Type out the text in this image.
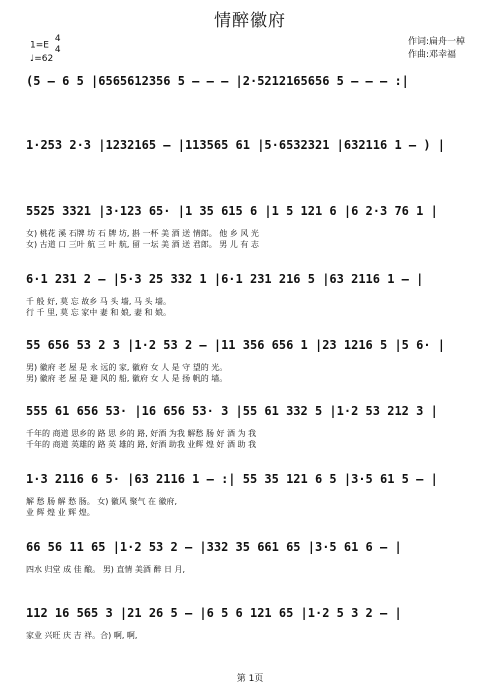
情醉徽府
1=E
4
4
♩=62
作词:扁舟一棹
作曲:邓幸福
(5 — 6 5 |6565612356 5 — — — |2·5212165656 5 — — — :|
1·253 2·3 |1232165 — |113565 61 |5·6532321 |632116 1 — ) |
5525 3321 |3·123 65· |1 35 615 6 |1 5 121 6 |6 2·3 76 1 |
女) 桃花 溪 石牌 坊 石 牌 坊, 斟 一杯 美 酒 送 情郎。 他 乡 风 光
女) 古道 口 三叶 航 三 叶 航, 留 一坛 美 酒 送 君郎。 男 儿 有 志
6·1 231 2 — |5·3 25 332 1 |6·1 231 216 5 |63 2116 1 — |
千 般 好, 莫 忘 故乡 马 头 墙, 马 头 墙。
行 千 里, 莫 忘 家中 妻 和 娘, 妻 和 娘。
55 656 53 2 3 |1·2 53 2 — |11 356 656 1 |23 1216 5 |5 6· |
男) 徽府 老 屋 是 永 远的 家, 徽府 女 人 是 守 望的 光。
男) 徽府 老 屋 是 避 风的 船, 徽府 女 人 是 扬 帆的 墙。
555 61 656 53· |16 656 53· 3 |55 61 332 5 |1·2 53 212 3 |
千年的 商道 思乡的 路 思 乡的 路, 好酒 为我 解愁 肠 好 酒 为 我
千年的 商道 英雄的 路 英 雄的 路, 好酒 助我 业辉 煌 好 酒 助 我
1·3 2116 6 5· |63 2116 1 — :| 55 35 121 6 5 |3·5 61 5 — |
解 愁 肠 解 愁 肠。 女) 徽风 聚气 在 徽府,
业 辉 煌 业 辉 煌。
66 56 11 65 |1·2 53 2 — |332 35 661 65 |3·5 61 6 — |
四水 归堂 成 佳 酿。 男) 直情 美酒 醉 日 月,
112 16 565 3 |21 26 5 — |6 5 6 121 65 |1·2 5 3 2 — |
家业 兴旺 庆 吉 祥。合) 啊, 啊,
第 1页
